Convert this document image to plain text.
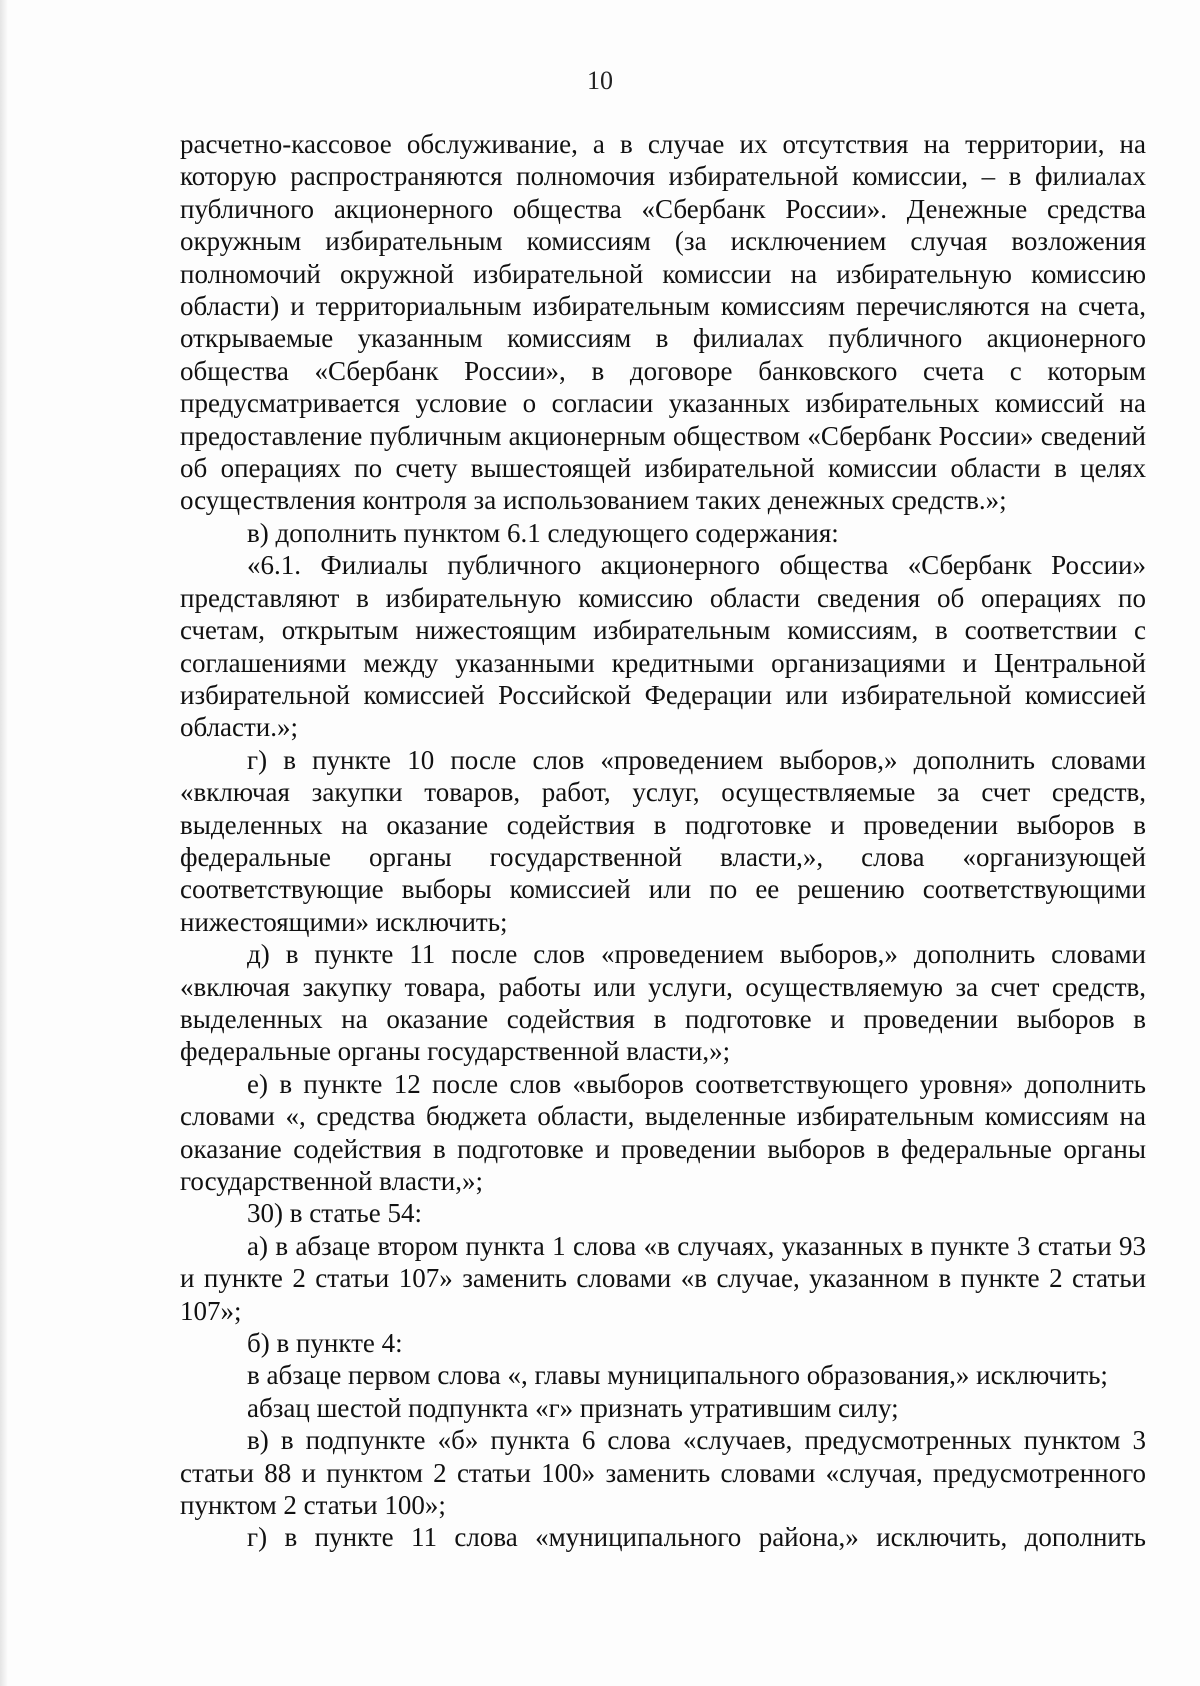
10

расчетно-кассовое обслуживание, а в случае их отсутствия на территории, на которую распространяются полномочия избирательной комиссии, – в филиалах публичного акционерного общества «Сбербанк России». Денежные средства окружным избирательным комиссиям (за исключением случая возложения полномочий окружной избирательной комиссии на избирательную комиссию области) и территориальным избирательным комиссиям перечисляются на счета, открываемые указанным комиссиям в филиалах публичного акционерного общества «Сбербанк России», в договоре банковского счета с которым предусматривается условие о согласии указанных избирательных комиссий на предоставление публичным акционерным обществом «Сбербанк России» сведений об операциях по счету вышестоящей избирательной комиссии области в целях осуществления контроля за использованием таких денежных средств.»;

в) дополнить пунктом 6.1 следующего содержания:

«6.1. Филиалы публичного акционерного общества «Сбербанк России» представляют в избирательную комиссию области сведения об операциях по счетам, открытым нижестоящим избирательным комиссиям, в соответствии с соглашениями между указанными кредитными организациями и Центральной избирательной комиссией Российской Федерации или избирательной комиссией области.»;

г) в пункте 10 после слов «проведением выборов,» дополнить словами «включая закупки товаров, работ, услуг, осуществляемые за счет средств, выделенных на оказание содействия в подготовке и проведении выборов в федеральные органы государственной власти,», слова «организующей соответствующие выборы комиссией или по ее решению соответствующими нижестоящими» исключить;

д) в пункте 11 после слов «проведением выборов,» дополнить словами «включая закупку товара, работы или услуги, осуществляемую за счет средств, выделенных на оказание содействия в подготовке и проведении выборов в федеральные органы государственной власти,»;

е) в пункте 12 после слов «выборов соответствующего уровня» дополнить словами «, средства бюджета области, выделенные избирательным комиссиям на оказание содействия в подготовке и проведении выборов в федеральные органы государственной власти,»;

30) в статье 54:

а) в абзаце втором пункта 1 слова «в случаях, указанных в пункте 3 статьи 93 и пункте 2 статьи 107» заменить словами «в случае, указанном в пункте 2 статьи 107»;

б) в пункте 4:

в абзаце первом слова «, главы муниципального образования,» исключить;

абзац шестой подпункта «г» признать утратившим силу;

в) в подпункте «б» пункта 6 слова «случаев, предусмотренных пунктом 3 статьи 88 и пунктом 2 статьи 100» заменить словами «случая, предусмотренного пунктом 2 статьи 100»;

г) в пункте 11 слова «муниципального района,» исключить, дополнить
